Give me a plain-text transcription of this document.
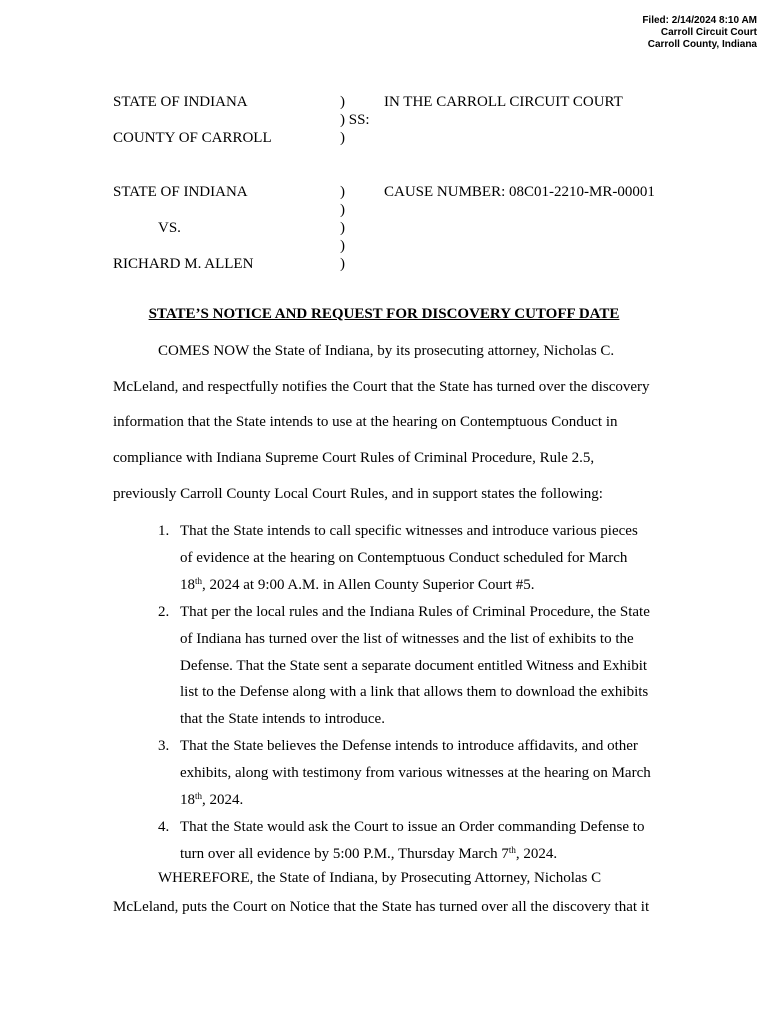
Filed: 2/14/2024 8:10 AM
Carroll Circuit Court
Carroll County, Indiana
STATE OF INDIANA	)	IN THE CARROLL CIRCUIT COURT
) SS:
COUNTY OF CARROLL	)
STATE OF INDIANA	)	CAUSE NUMBER: 08C01-2210-MR-00001
)
VS.	)
)
RICHARD M. ALLEN	)
STATE’S NOTICE AND REQUEST FOR DISCOVERY CUTOFF DATE
COMES NOW the State of Indiana, by its prosecuting attorney, Nicholas C.
McLeland, and respectfully notifies the Court that the State has turned over the discovery
information that the State intends to use at the hearing on Contemptuous Conduct in
compliance with Indiana Supreme Court Rules of Criminal Procedure, Rule 2.5,
previously Carroll County Local Court Rules, and in support states the following:
1. That the State intends to call specific witnesses and introduce various pieces
of evidence at the hearing on Contemptuous Conduct scheduled for March
18th, 2024 at 9:00 A.M. in Allen County Superior Court #5.
2. That per the local rules and the Indiana Rules of Criminal Procedure, the State
of Indiana has turned over the list of witnesses and the list of exhibits to the
Defense. That the State sent a separate document entitled Witness and Exhibit
list to the Defense along with a link that allows them to download the exhibits
that the State intends to introduce.
3. That the State believes the Defense intends to introduce affidavits, and other
exhibits, along with testimony from various witnesses at the hearing on March
18th, 2024.
4. That the State would ask the Court to issue an Order commanding Defense to
turn over all evidence by 5:00 P.M., Thursday March 7th, 2024.
WHEREFORE, the State of Indiana, by Prosecuting Attorney, Nicholas C
McLeland, puts the Court on Notice that the State has turned over all the discovery that it
